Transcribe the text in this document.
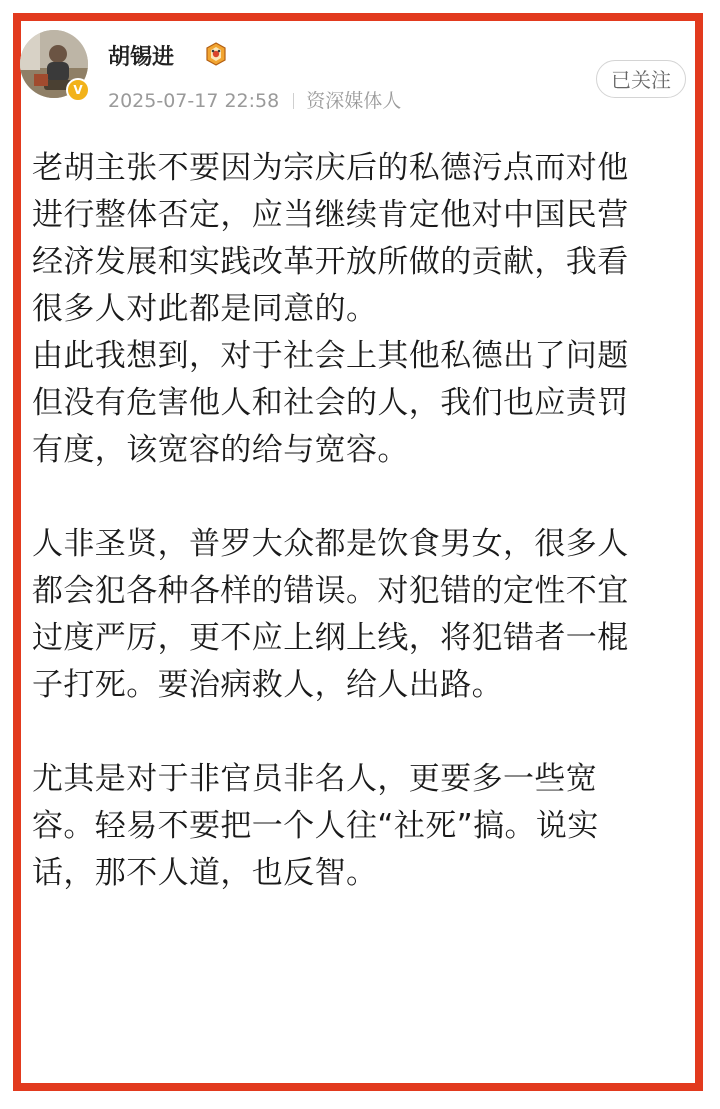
V
胡锡进
2025-07-17 22:58 资深媒体人
已关注

老胡主张不要因为宗庆后的私德污点而对他
进行整体否定，应当继续肯定他对中国民营
经济发展和实践改革开放所做的贡献，我看
很多人对此都是同意的。
由此我想到，对于社会上其他私德出了问题
但没有危害他人和社会的人，我们也应责罚
有度，该宽容的给与宽容。

人非圣贤，普罗大众都是饮食男女，很多人
都会犯各种各样的错误。对犯错的定性不宜
过度严厉，更不应上纲上线，将犯错者一棍
子打死。要治病救人，给人出路。

尤其是对于非官员非名人，更要多一些宽
容。轻易不要把一个人往“社死”搞。说实
话，那不人道，也反智。
